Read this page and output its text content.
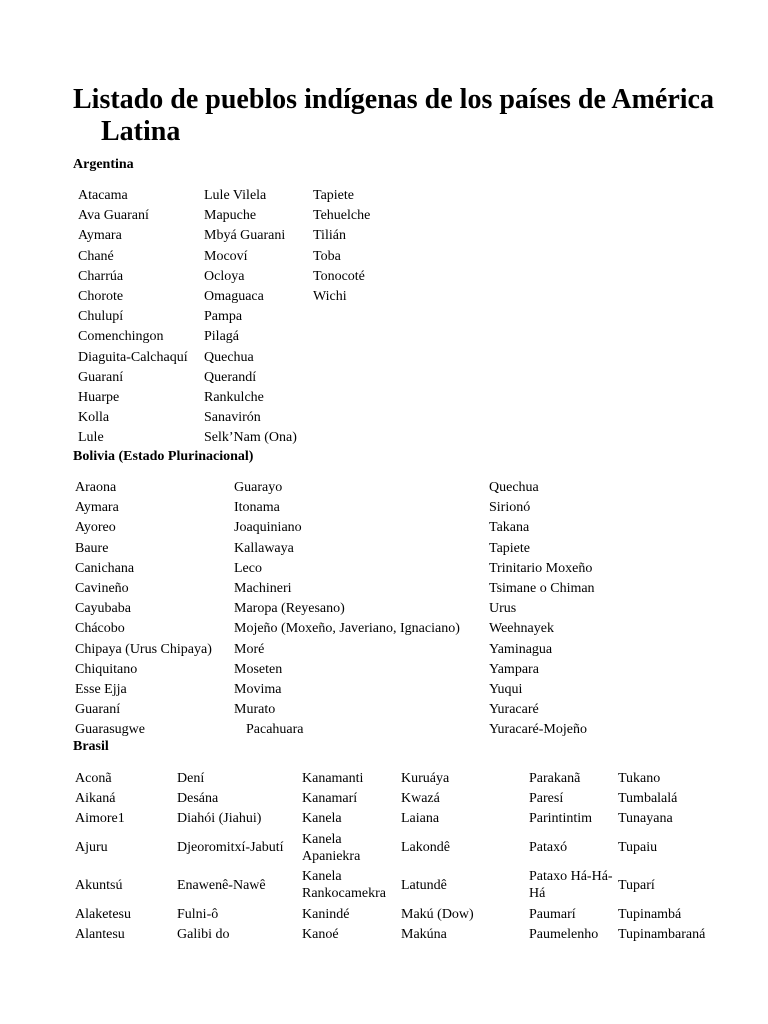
Listado de pueblos indígenas de los países de América Latina
Argentina
Atacama	Lule Vilela	Tapiete
Ava Guaraní	Mapuche	Tehuelche
Aymara	Mbyá Guarani	Tilián
Chané	Mocoví	Toba
Charrúa	Ocloya	Tonocoté
Chorote	Omaguaca	Wichi
Chulupí	Pampa	
Comenchingon	Pilagá	
Diaguita-Calchaquí	Quechua	
Guaraní	Querandí	
Huarpe	Rankulche	
Kolla	Sanavirón	
Lule	Selk’Nam (Ona)	
Bolivia (Estado Plurinacional)
Araona	Guarayo	Quechua
Aymara	Itonama	Sirionó
Ayoreo	Joaquiniano	Takana
Baure	Kallawaya	Tapiete
Canichana	Leco	Trinitario Moxeño
Cavineño	Machineri	Tsimane o Chiman
Cayubaba	Maropa (Reyesano)	Urus
Chácobo	Mojeño (Moxeño, Javeriano, Ignaciano)	Weehnayek
Chipaya (Urus Chipaya)	Moré	Yaminagua
Chiquitano	Moseten	Yampara
Esse Ejja	Movima	Yuqui
Guaraní	Murato	Yuracaré
Guarasugwe	Pacahuara	Yuracaré-Mojeño
Brasil
Aconã	Dení	Kanamanti	Kuruáya	Parakanã	Tukano
Aikaná	Desána	Kanamarí	Kwazá	Paresí	Tumbalalá
Aimore1	Diahói (Jiahui)	Kanela	Laiana	Parintintim	Tunayana
Ajuru	Djeoromitxí-Jabutí	Kanela Apaniekra	Lakondê	Pataxó	Tupaiu
Akuntsú	Enawenê-Nawê	Kanela Rankocamekra	Latundê	Pataxo Há-Há-Há	Tuparí
Alaketesu	Fulni-ô	Kanindé	Makú (Dow)	Paumarí	Tupinambá
Alantesu	Galibi do	Kanoé	Makúna	Paumelenho	Tupinambaraná
